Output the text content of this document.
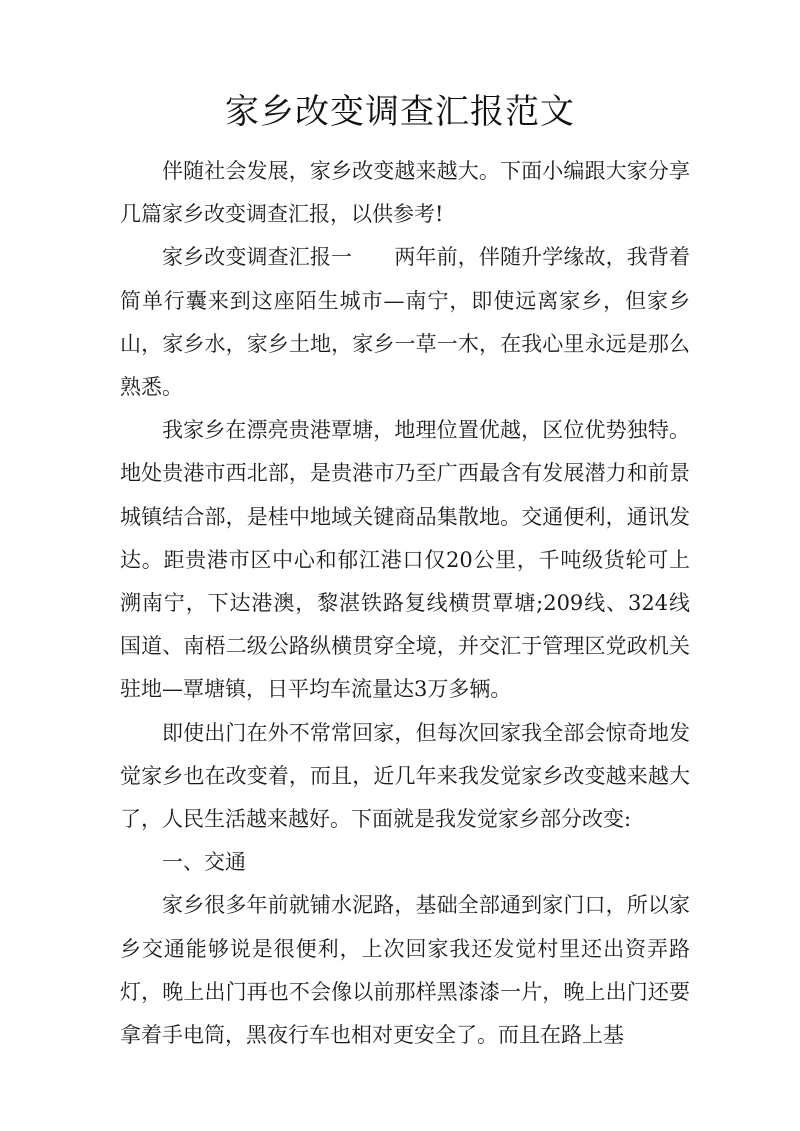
家乡改变调查汇报范文

伴随社会发展，家乡改变越来越大。下面小编跟大家分享几篇家乡改变调查汇报，以供参考!

家乡改变调查汇报一　　两年前，伴随升学缘故，我背着简单行囊来到这座陌生城市—南宁，即使远离家乡，但家乡山，家乡水，家乡土地，家乡一草一木，在我心里永远是那么熟悉。

我家乡在漂亮贵港覃塘，地理位置优越，区位优势独特。地处贵港市西北部，是贵港市乃至广西最含有发展潜力和前景城镇结合部，是桂中地域关键商品集散地。交通便利，通讯发达。距贵港市区中心和郁江港口仅20公里，千吨级货轮可上溯南宁，下达港澳，黎湛铁路复线横贯覃塘;209线、324线国道、南梧二级公路纵横贯穿全境，并交汇于管理区党政机关驻地—覃塘镇，日平均车流量达3万多辆。

即使出门在外不常常回家，但每次回家我全部会惊奇地发觉家乡也在改变着，而且，近几年来我发觉家乡改变越来越大了，人民生活越来越好。下面就是我发觉家乡部分改变:

一、交通

家乡很多年前就铺水泥路，基础全部通到家门口，所以家乡交通能够说是很便利，上次回家我还发觉村里还出资弄路灯，晚上出门再也不会像以前那样黑漆漆一片，晚上出门还要拿着手电筒，黑夜行车也相对更安全了。而且在路上基
